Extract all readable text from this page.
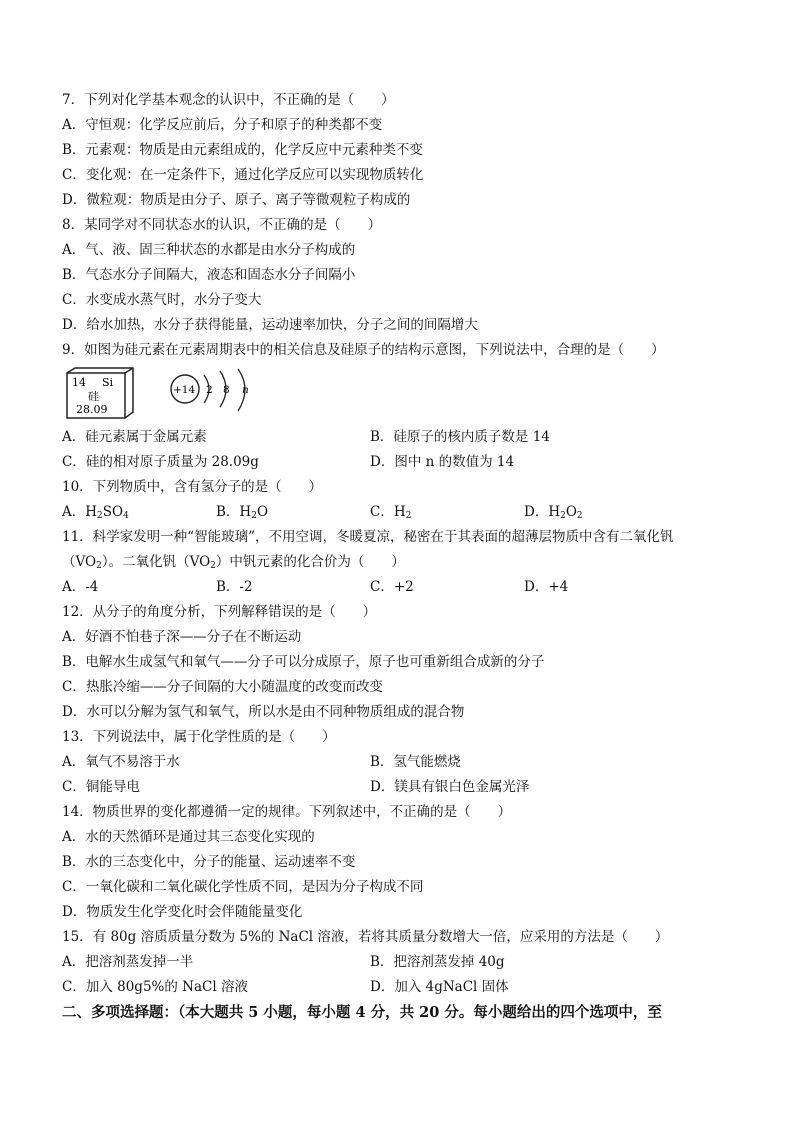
7．下列对化学基本观念的认识中，不正确的是（　　）
A．守恒观：化学反应前后，分子和原子的种类都不变
B．元素观：物质是由元素组成的，化学反应中元素种类不变
C．变化观：在一定条件下，通过化学反应可以实现物质转化
D．微粒观：物质是由分子、原子、离子等微观粒子构成的
8．某同学对不同状态水的认识，不正确的是（　　）
A．气、液、固三种状态的水都是由水分子构成的
B．气态水分子间隔大，液态和固态水分子间隔小
C．水变成水蒸气时，水分子变大
D．给水加热，水分子获得能量，运动速率加快，分子之间的间隔增大
9．如图为硅元素在元素周期表中的相关信息及硅原子的结构示意图，下列说法中，合理的是（　　）
14 Si
硅
28.09
+14 2 8 n
A．硅元素属于金属元素	B．硅原子的核内质子数是 14
C．硅的相对原子质量为 28.09g	D．图中 n 的数值为 14
10．下列物质中，含有氢分子的是（　　）
A．$H_2SO_4$	B．$H_2O$	C．$H_2$	D．$H_2O_2$
11．科学家发明一种“智能玻璃”，不用空调，冬暖夏凉，秘密在于其表面的超薄层物质中含有二氧化钒
$(VO_2)$。二氧化钒$(VO_2)$中钒元素的化合价为（　　）
A．-4	B．-2	C．+2	D．+4
12．从分子的角度分析，下列解释错误的是（　　）
A．好酒不怕巷子深——分子在不断运动
B．电解水生成氢气和氧气——分子可以分成原子，原子也可重新组合成新的分子
C．热胀冷缩——分子间隔的大小随温度的改变而改变
D．水可以分解为氢气和氧气，所以水是由不同种物质组成的混合物
13．下列说法中，属于化学性质的是（　　）
A．氧气不易溶于水	B．氢气能燃烧
C．铜能导电	D．镁具有银白色金属光泽
14．物质世界的变化都遵循一定的规律。下列叙述中，不正确的是（　　）
A．水的天然循环是通过其三态变化实现的
B．水的三态变化中，分子的能量、运动速率不变
C．一氧化碳和二氧化碳化学性质不同，是因为分子构成不同
D．物质发生化学变化时会伴随能量变化
15．有 80g 溶质质量分数为 5%的 NaCl 溶液，若将其质量分数增大一倍，应采用的方法是（　　）
A．把溶剂蒸发掉一半	B．把溶剂蒸发掉 40g
C．加入 80g5%的 NaCl 溶液	D．加入 4gNaCl 固体
二、多项选择题：（本大题共 5 小题，每小题 4 分，共 20 分。每小题给出的四个选项中，至
